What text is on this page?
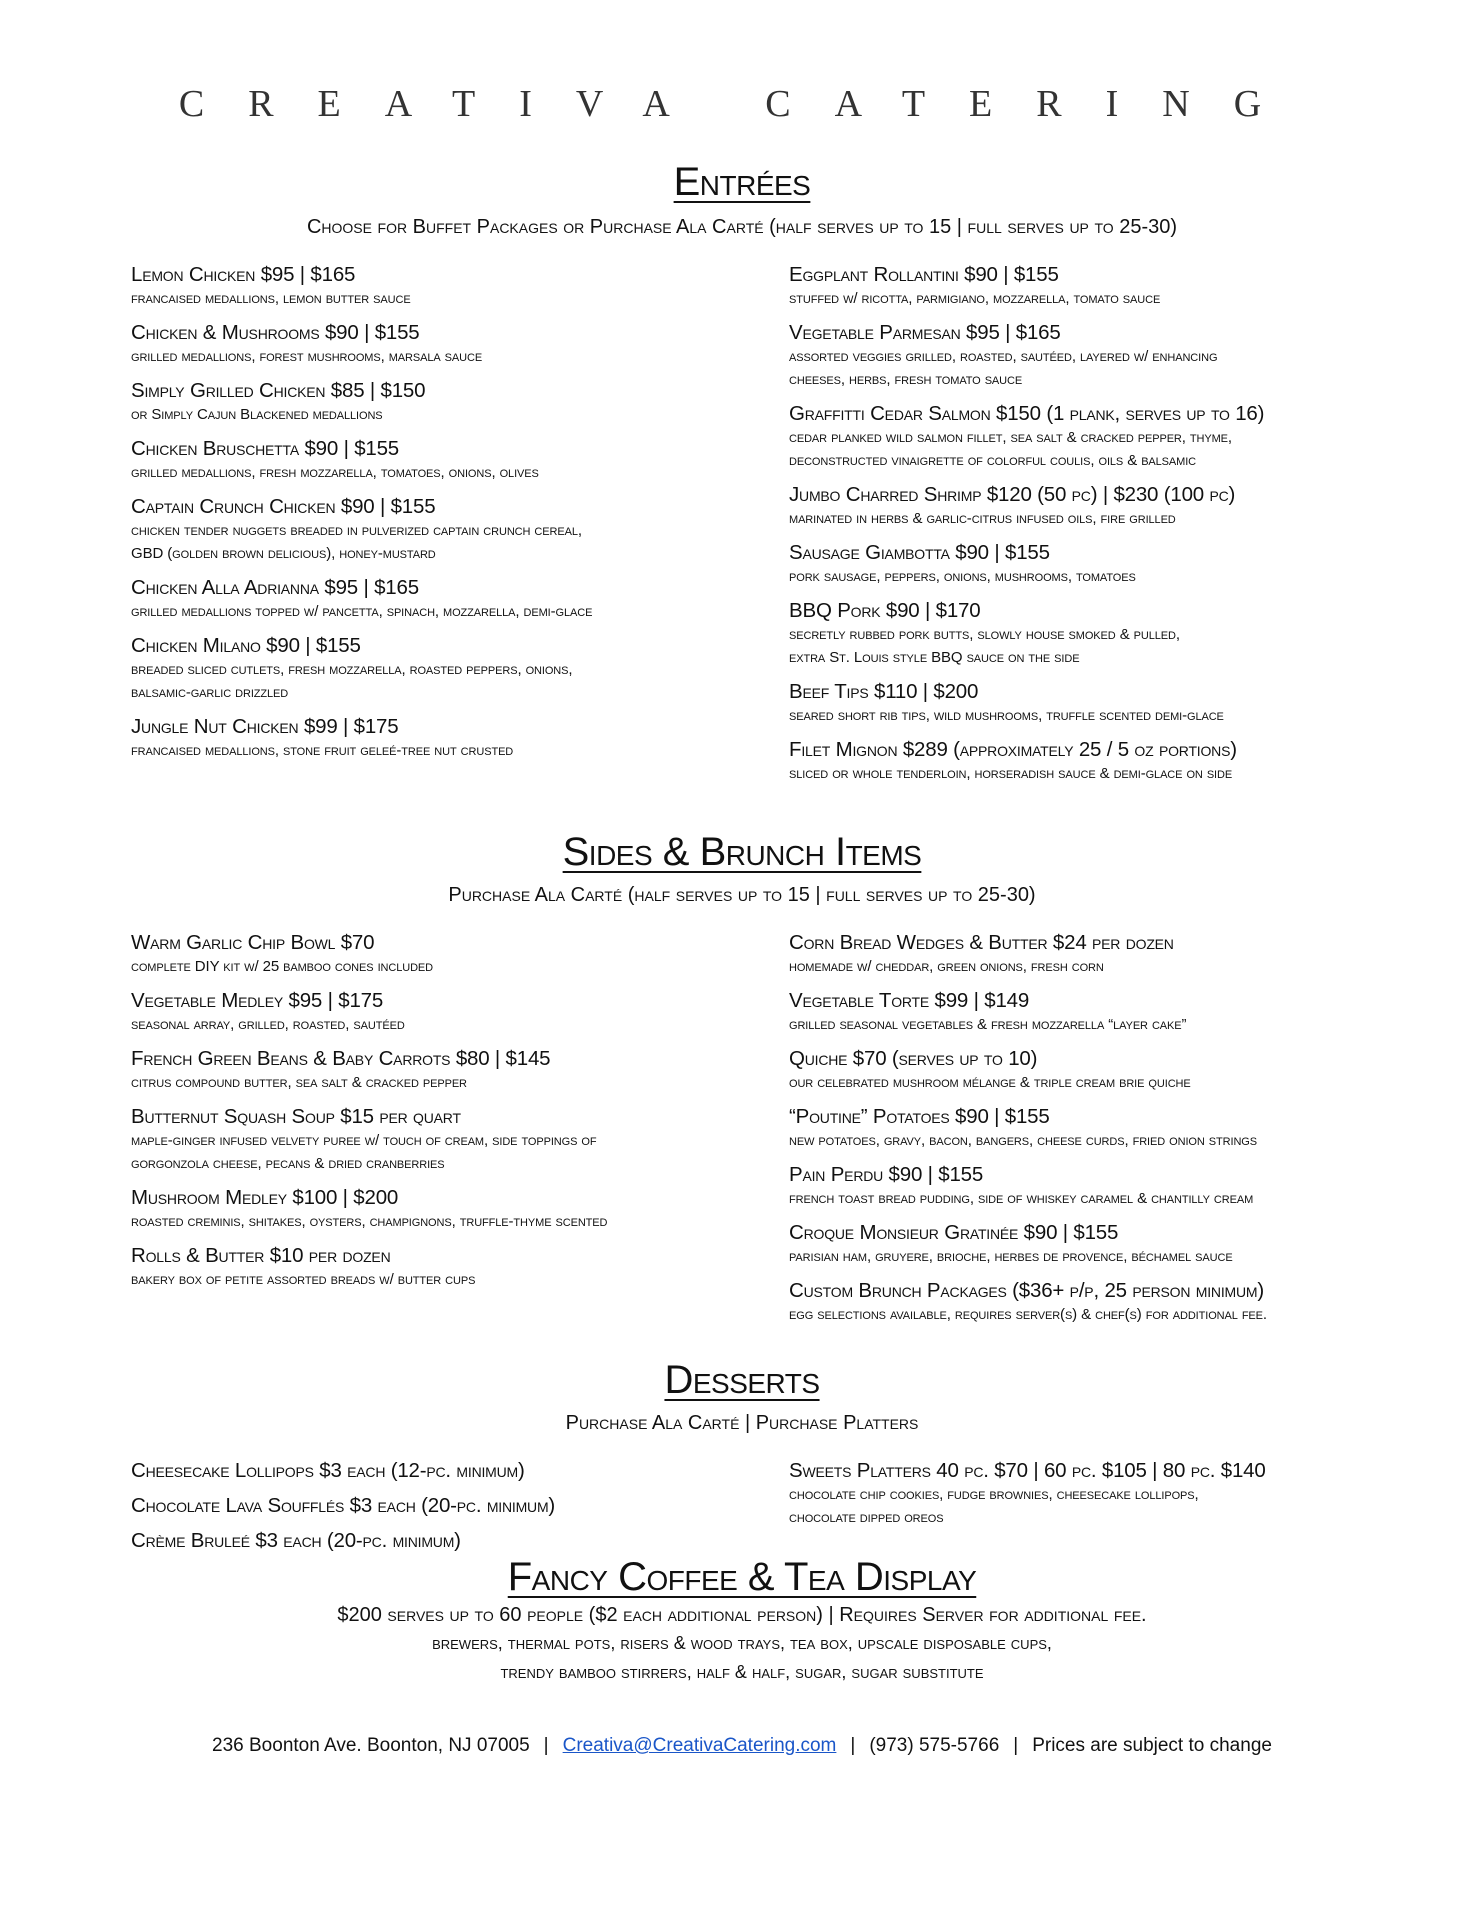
CREATIVA CATERING
Entrées
Choose for Buffet Packages or Purchase Ala Carté (half serves up to 15 | full serves up to 25-30)
Lemon Chicken $95 | $165
francaised medallions, lemon butter sauce
Chicken & Mushrooms $90 | $155
grilled medallions, forest mushrooms, marsala sauce
Simply Grilled Chicken $85 | $150
or Simply Cajun Blackened medallions
Chicken Bruschetta $90 | $155
grilled medallions, fresh mozzarella, tomatoes, onions, olives
Captain Crunch Chicken $90 | $155
chicken tender nuggets breaded in pulverized captain crunch cereal,
GBD (golden brown delicious), honey-mustard
Chicken Alla Adrianna $95 | $165
grilled medallions topped w/ pancetta, spinach, mozzarella, demi-glace
Chicken Milano $90 | $155
breaded sliced cutlets, fresh mozzarella, roasted peppers, onions,
balsamic-garlic drizzled
Jungle Nut Chicken $99 | $175
francaised medallions, stone fruit geleé-tree nut crusted
Eggplant Rollantini $90 | $155
stuffed w/ ricotta, parmigiano, mozzarella, tomato sauce
Vegetable Parmesan $95 | $165
assorted veggies grilled, roasted, sautéed, layered w/ enhancing
cheeses, herbs, fresh tomato sauce
Graffitti Cedar Salmon $150 (1 plank, serves up to 16)
cedar planked wild salmon fillet, sea salt & cracked pepper, thyme,
deconstructed vinaigrette of colorful coulis, oils & balsamic
Jumbo Charred Shrimp $120 (50 pc) | $230 (100 pc)
marinated in herbs & garlic-citrus infused oils, fire grilled
Sausage Giambotta $90 | $155
pork sausage, peppers, onions, mushrooms, tomatoes
BBQ Pork $90 | $170
secretly rubbed pork butts, slowly house smoked & pulled,
extra St. Louis style BBQ sauce on the side
Beef Tips $110 | $200
seared short rib tips, wild mushrooms, truffle scented demi-glace
Filet Mignon $289 (approximately 25 / 5 oz portions)
sliced or whole tenderloin, horseradish sauce & demi-glace on side
Sides & Brunch Items
Purchase Ala Carté (half serves up to 15 | full serves up to 25-30)
Warm Garlic Chip Bowl $70
complete DIY kit w/ 25 bamboo cones included
Vegetable Medley $95 | $175
seasonal array, grilled, roasted, sautéed
French Green Beans & Baby Carrots $80 | $145
citrus compound butter, sea salt & cracked pepper
Butternut Squash Soup $15 per quart
maple-ginger infused velvety puree w/ touch of cream, side toppings of
gorgonzola cheese, pecans & dried cranberries
Mushroom Medley $100 | $200
roasted creminis, shitakes, oysters, champignons, truffle-thyme scented
Rolls & Butter $10 per dozen
bakery box of petite assorted breads w/ butter cups
Corn Bread Wedges & Butter $24 per dozen
homemade w/ cheddar, green onions, fresh corn
Vegetable Torte $99 | $149
grilled seasonal vegetables & fresh mozzarella “layer cake”
Quiche $70 (serves up to 10)
our celebrated mushroom mélange & triple cream brie quiche
“Poutine” Potatoes $90 | $155
new potatoes, gravy, bacon, bangers, cheese curds, fried onion strings
Pain Perdu $90 | $155
french toast bread pudding, side of whiskey caramel & chantilly cream
Croque Monsieur Gratinée $90 | $155
parisian ham, gruyere, brioche, herbes de provence, béchamel sauce
Custom Brunch Packages ($36+ p/p, 25 person minimum)
egg selections available, requires server(s) & chef(s) for additional fee.
Desserts
Purchase Ala Carté | Purchase Platters
Cheesecake Lollipops $3 each (12-pc. minimum)
Chocolate Lava Soufflés $3 each (20-pc. minimum)
Crème Bruleé $3 each (20-pc. minimum)
Sweets Platters 40 pc. $70 | 60 pc. $105 | 80 pc. $140
chocolate chip cookies, fudge brownies, cheesecake lollipops,
chocolate dipped oreos
Fancy Coffee & Tea Display
$200 serves up to 60 people ($2 each additional person) | Requires Server for additional fee.
brewers, thermal pots, risers & wood trays, tea box, upscale disposable cups,
trendy bamboo stirrers, half & half, sugar, sugar substitute
236 Boonton Ave. Boonton, NJ 07005 | Creativa@CreativaCatering.com | (973) 575-5766 | Prices are subject to change
